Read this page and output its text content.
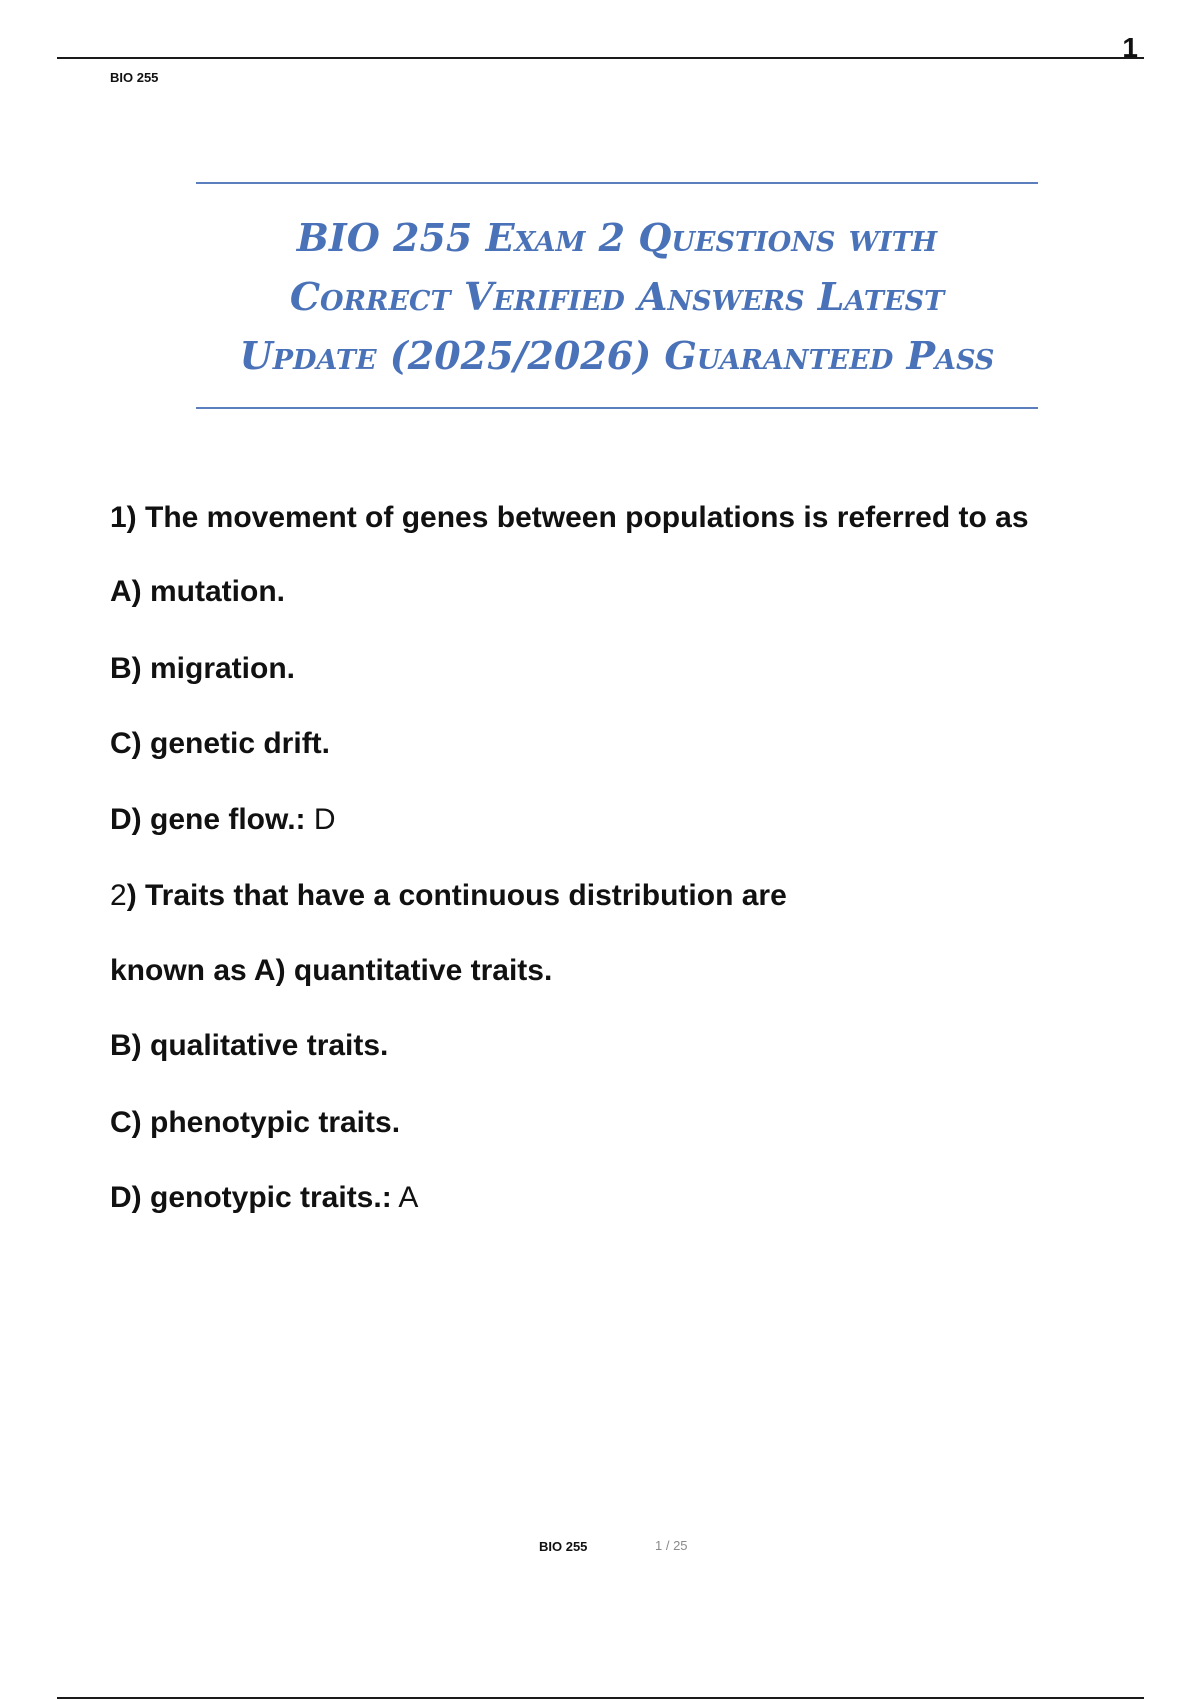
1
BIO 255
BIO 255 Exam 2 Questions with
Correct Verified Answers Latest
Update (2025/2026) Guaranteed Pass
1) The movement of genes between populations is referred to as
A) mutation.
B) migration.
C) genetic drift.
D) gene flow.: D
2) Traits that have a continuous distribution are
known as A) quantitative traits.
B) qualitative traits.
C) phenotypic traits.
D) genotypic traits.: A
BIO 255	1 / 25
